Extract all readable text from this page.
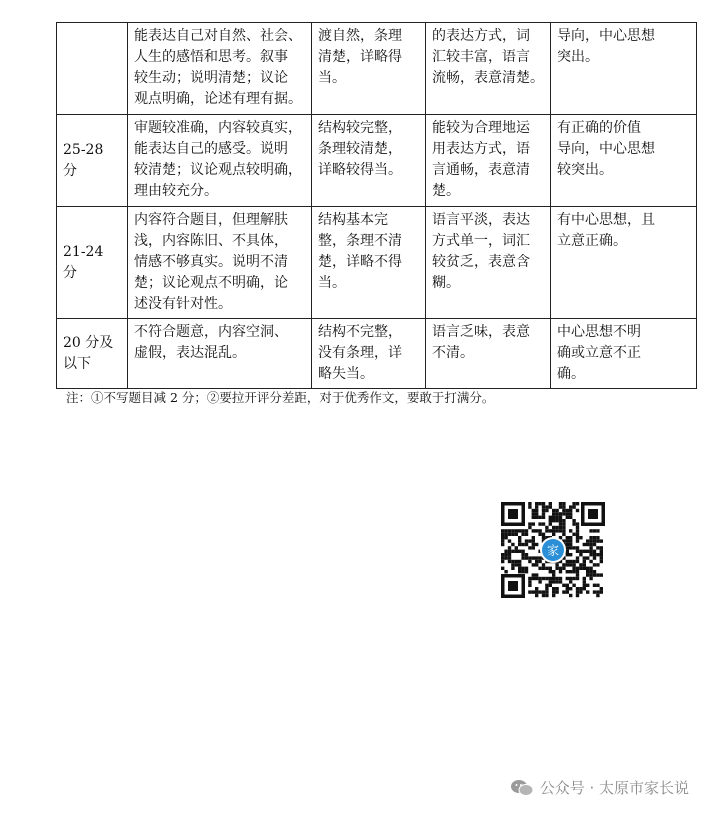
	能表达自己对自然、社会、
人生的感悟和思考。叙事
较生动；说明清楚；议论
观点明确，论述有理有据。	渡自然，条理
清楚，详略得
当。	的表达方式，词
汇较丰富，语言
流畅，表意清楚。	导向，中心思想
突出。

25-28 分	审题较准确，内容较真实，
能表达自己的感受。说明
较清楚；议论观点较明确，
理由较充分。	结构较完整，
条理较清楚，
详略较得当。	能较为合理地运
用表达方式，语
言通畅，表意清
楚。	有正确的价值
导向，中心思想
较突出。

21-24 分	内容符合题目，但理解肤
浅，内容陈旧、不具体，
情感不够真实。说明不清
楚；议论观点不明确，论
述没有针对性。	结构基本完
整，条理不清
楚，详略不得
当。	语言平淡，表达
方式单一，词汇
较贫乏，表意含
糊。	有中心思想，且
立意正确。

20 分及
以下	不符合题意，内容空洞、
虚假，表达混乱。	结构不完整，
没有条理，详
略失当。	语言乏味，表意
不清。	中心思想不明
确或立意不正
确。
注：①不写题目减 2 分；②要拉开评分差距，对于优秀作文，要敢于打满分。
家
公众号 · 太原市家长说
